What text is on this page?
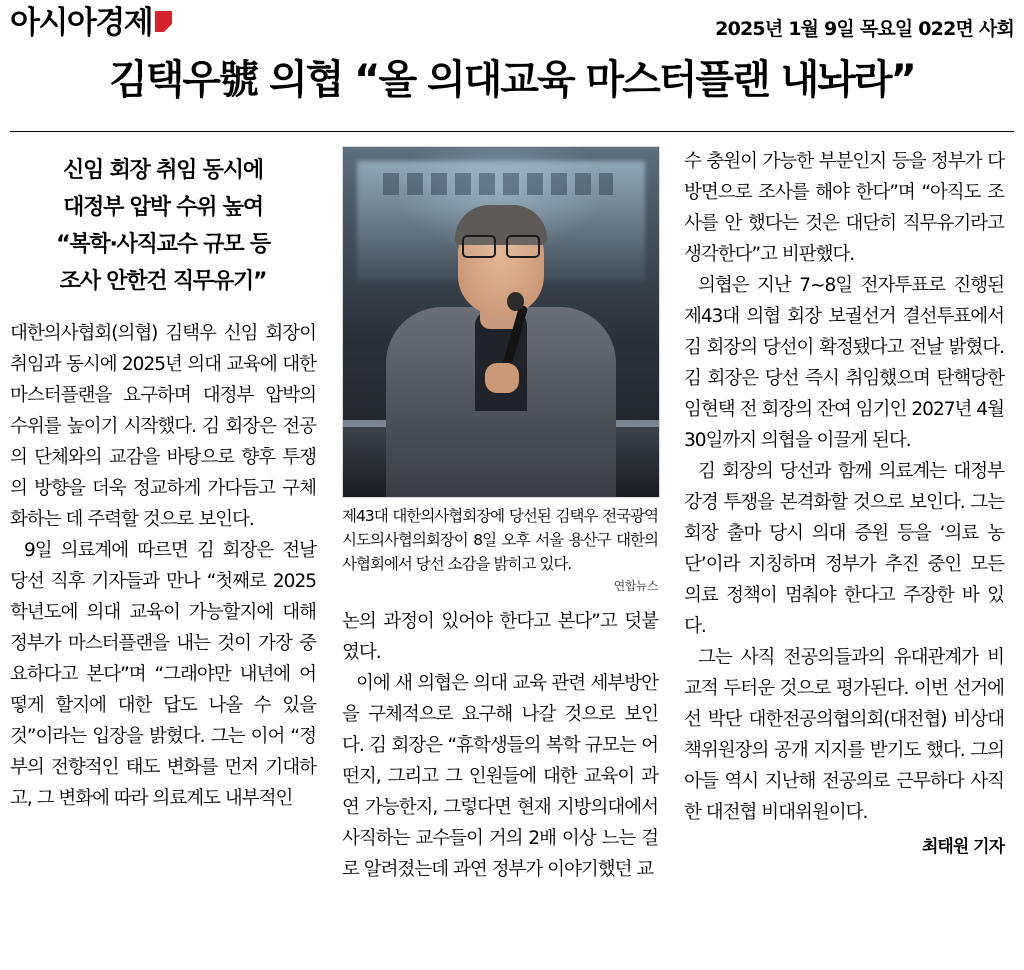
아시아경제	2025년 1월 9일 목요일 022면 사회
김택우號 의협 “올 의대교육 마스터플랜 내놔라”
신임 회장 취임 동시에
대정부 압박 수위 높여
“복학·사직교수 규모 등
조사 안한건 직무유기”

대한의사협회(의협) 김택우 신임 회장이 취임과 동시에 2025년 의대 교육에 대한 마스터플랜을 요구하며 대정부 압박의 수위를 높이기 시작했다. 김 회장은 전공의 단체와의 교감을 바탕으로 향후 투쟁의 방향을 더욱 정교하게 가다듬고 구체화하는 데 주력할 것으로 보인다.

9일 의료계에 따르면 김 회장은 전날 당선 직후 기자들과 만나 “첫째로 2025학년도에 의대 교육이 가능할지에 대해 정부가 마스터플랜을 내는 것이 가장 중요하다고 본다”며 “그래야만 내년에 어떻게 할지에 대한 답도 나올 수 있을 것”이라는 입장을 밝혔다. 그는 이어 “정부의 전향적인 태도 변화를 먼저 기대하고, 그 변화에 따라 의료계도 내부적인

제43대 대한의사협회장에 당선된 김택우 전국광역시도의사협의회장이 8일 오후 서울 용산구 대한의사협회에서 당선 소감을 밝히고 있다.
연합뉴스

논의 과정이 있어야 한다고 본다”고 덧붙였다.

이에 새 의협은 의대 교육 관련 세부방안을 구체적으로 요구해 나갈 것으로 보인다. 김 회장은 “휴학생들의 복학 규모는 어떤지, 그리고 그 인원들에 대한 교육이 과연 가능한지, 그렇다면 현재 지방의대에서 사직하는 교수들이 거의 2배 이상 느는 걸로 알려졌는데 과연 정부가 이야기했던 교

수 충원이 가능한 부분인지 등을 정부가 다방면으로 조사를 해야 한다”며 “아직도 조사를 안 했다는 것은 대단히 직무유기라고 생각한다”고 비판했다.

의협은 지난 7~8일 전자투표로 진행된 제43대 의협 회장 보궐선거 결선투표에서 김 회장의 당선이 확정됐다고 전날 밝혔다. 김 회장은 당선 즉시 취임했으며 탄핵당한 임현택 전 회장의 잔여 임기인 2027년 4월30일까지 의협을 이끌게 된다.

김 회장의 당선과 함께 의료계는 대정부 강경 투쟁을 본격화할 것으로 보인다. 그는 회장 출마 당시 의대 증원 등을 ‘의료 농단’이라 지칭하며 정부가 추진 중인 모든 의료 정책이 멈춰야 한다고 주장한 바 있다.

그는 사직 전공의들과의 유대관계가 비교적 두터운 것으로 평가된다. 이번 선거에선 박단 대한전공의협의회(대전협) 비상대책위원장의 공개 지지를 받기도 했다. 그의 아들 역시 지난해 전공의로 근무하다 사직한 대전협 비대위원이다.

최태원 기자
